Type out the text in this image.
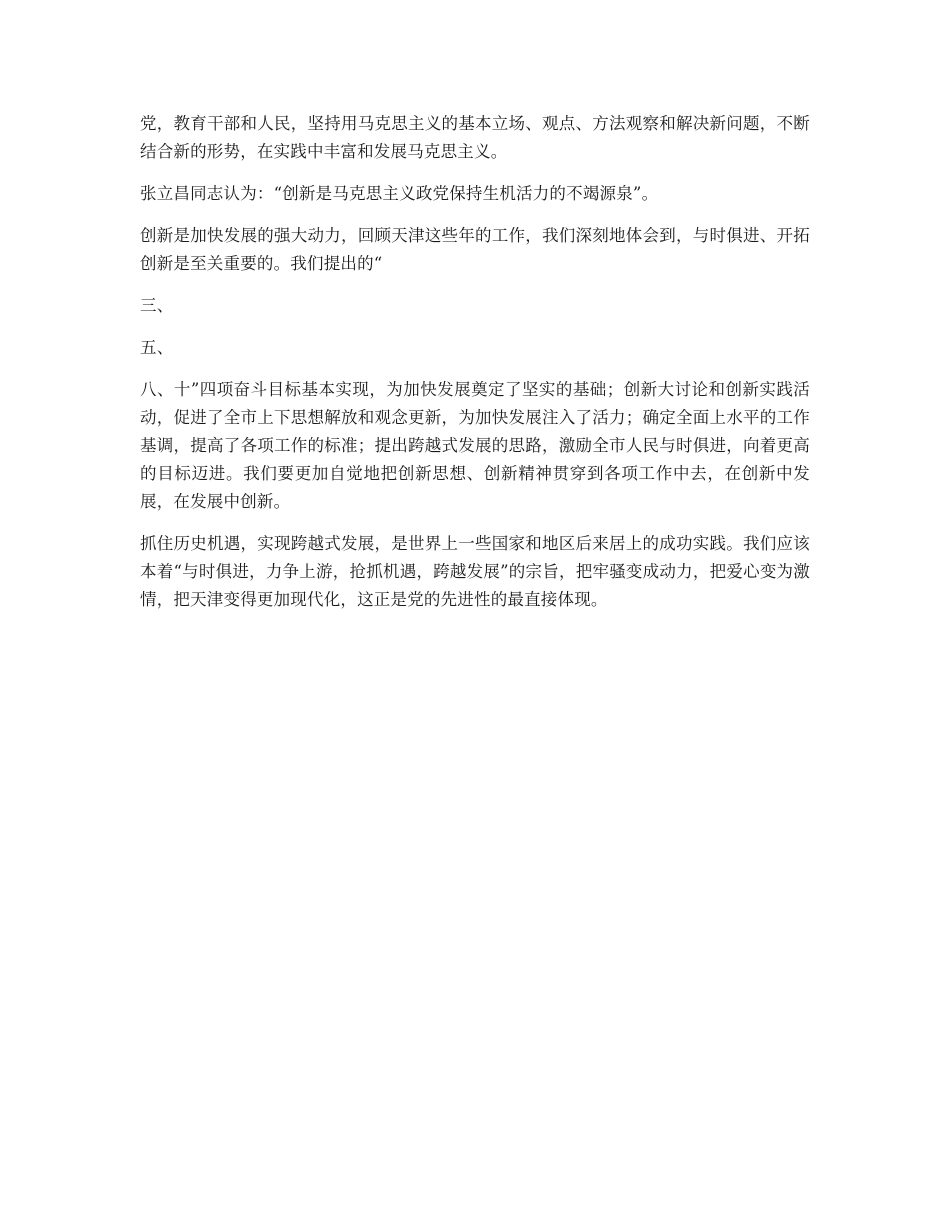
党，教育干部和人民，坚持用马克思主义的基本立场、观点、方法观察和解决新问题，不断结合新的形势，在实践中丰富和发展马克思主义。

张立昌同志认为：“创新是马克思主义政党保持生机活力的不竭源泉”。

创新是加快发展的强大动力，回顾天津这些年的工作，我们深刻地体会到，与时俱进、开拓创新是至关重要的。我们提出的“

三、

五、

八、十”四项奋斗目标基本实现，为加快发展奠定了坚实的基础；创新大讨论和创新实践活动，促进了全市上下思想解放和观念更新，为加快发展注入了活力；确定全面上水平的工作基调，提高了各项工作的标准；提出跨越式发展的思路，激励全市人民与时俱进，向着更高的目标迈进。我们要更加自觉地把创新思想、创新精神贯穿到各项工作中去，在创新中发展，在发展中创新。

抓住历史机遇，实现跨越式发展，是世界上一些国家和地区后来居上的成功实践。我们应该本着“与时俱进，力争上游，抢抓机遇，跨越发展”的宗旨，把牢骚变成动力，把爱心变为激情，把天津变得更加现代化，这正是党的先进性的最直接体现。
